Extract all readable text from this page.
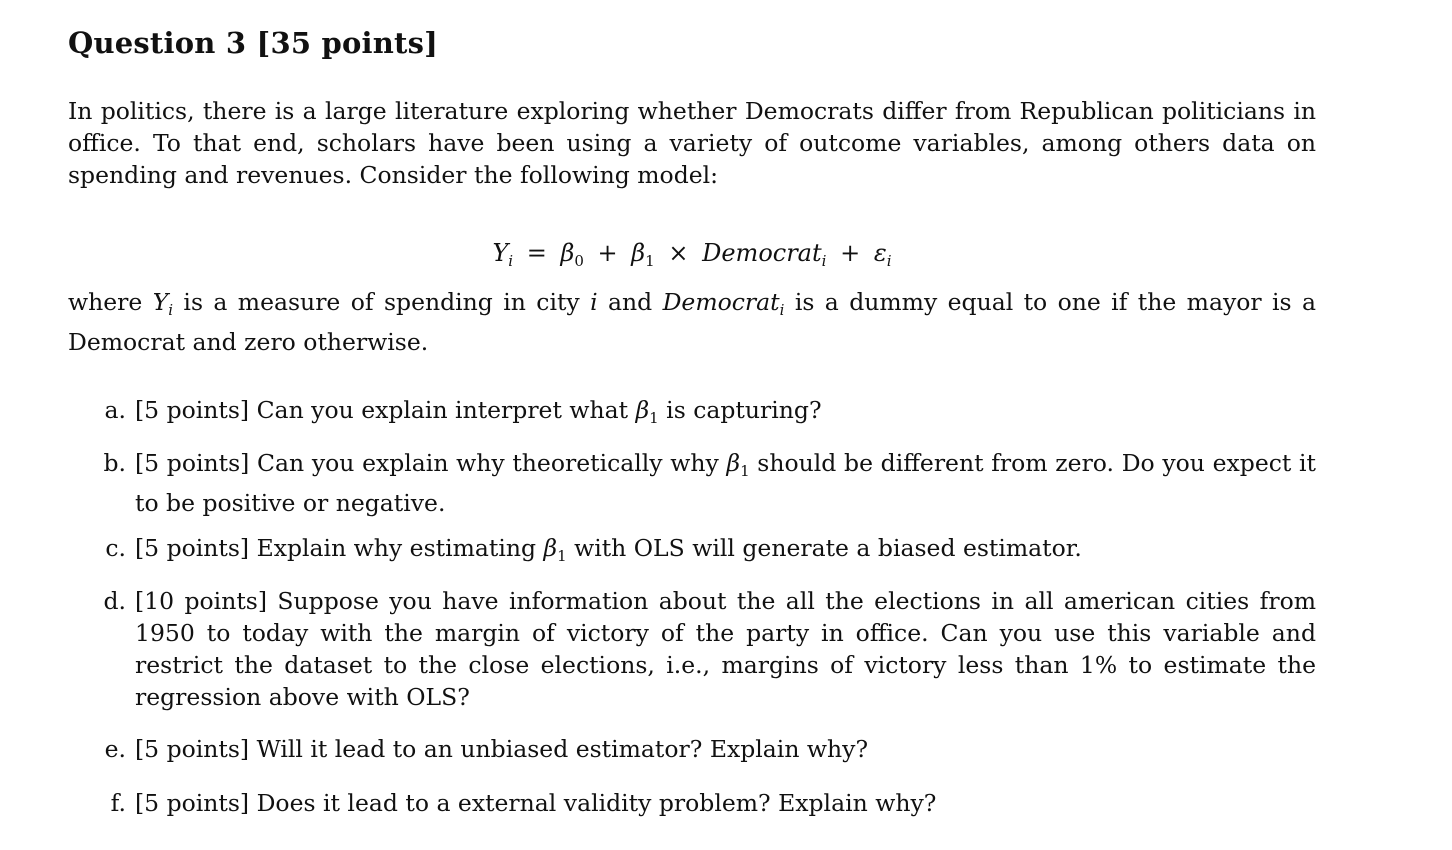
Question 3 [35 points]

In politics, there is a large literature exploring whether Democrats differ from Republican politicians in office. To that end, scholars have been using a variety of outcome variables, among others data on spending and revenues. Consider the following model:

$Y_i = \beta_0 + \beta_1$ × Democrat$_i$ + $\varepsilon_i$

where $Y_i$ is a measure of spending in city i and Democrat$_i$ is a dummy equal to one if the mayor is a Democrat and zero otherwise.

a. [5 points] Can you explain interpret what $\beta_1$ is capturing?
b. [5 points] Can you explain why theoretically why $\beta_1$ should be different from zero. Do you expect it to be positive or negative.
c. [5 points] Explain why estimating $\beta_1$ with OLS will generate a biased estimator.
d. [10 points] Suppose you have information about the all the elections in all american cities from 1950 to today with the margin of victory of the party in office. Can you use this variable and restrict the dataset to the close elections, i.e., margins of victory less than 1% to estimate the regression above with OLS?
e. [5 points] Will it lead to an unbiased estimator? Explain why?
f. [5 points] Does it lead to a external validity problem? Explain why?
